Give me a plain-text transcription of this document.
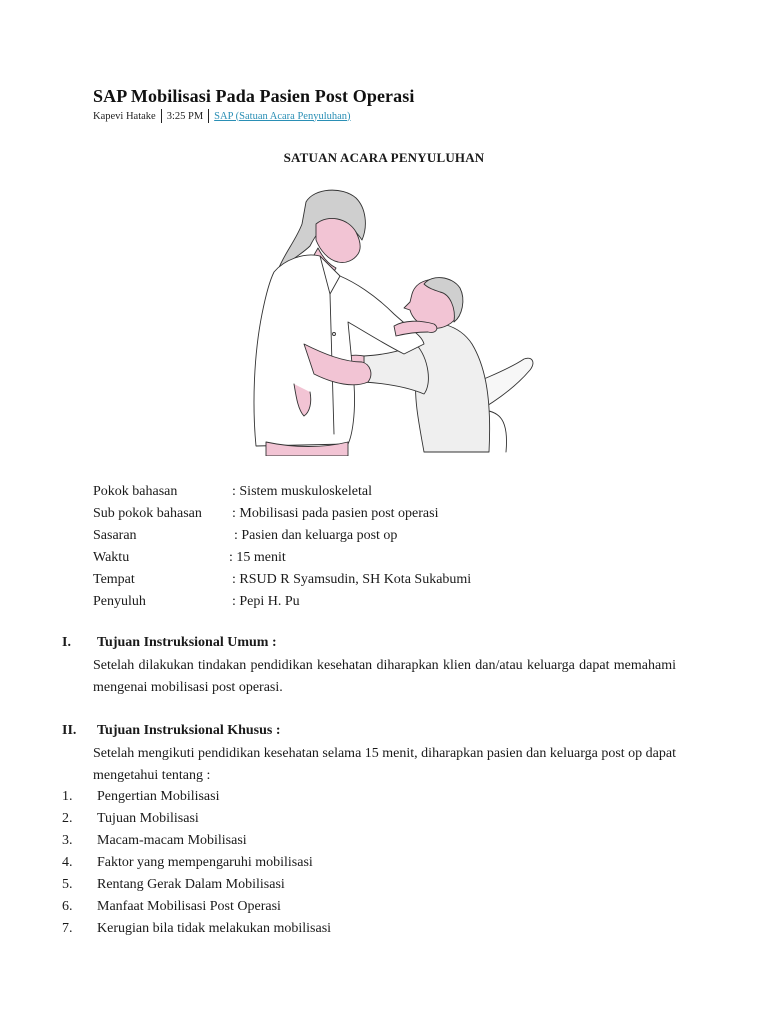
SAP Mobilisasi Pada Pasien Post Operasi
Kapevi Hatake 3:25 PM SAP (Satuan Acara Penyuluhan)
SATUAN ACARA PENYULUHAN
Pokok bahasan	: Sistem muskuloskeletal
Sub pokok bahasan : Mobilisasi pada pasien post operasi
Sasaran	: Pasien dan keluarga post op
Waktu	: 15 menit
Tempat	: RSUD R Syamsudin, SH Kota Sukabumi
Penyuluh	: Pepi H. Pu
I. Tujuan Instruksional Umum :
Setelah dilakukan tindakan pendidikan kesehatan diharapkan klien dan/atau keluarga dapat memahami mengenai mobilisasi post operasi.
II. Tujuan Instruksional Khusus :
Setelah mengikuti pendidikan kesehatan selama 15 menit, diharapkan pasien dan keluarga post op dapat mengetahui tentang :
1. Pengertian Mobilisasi
2. Tujuan Mobilisasi
3. Macam-macam Mobilisasi
4. Faktor yang mempengaruhi mobilisasi
5. Rentang Gerak Dalam Mobilisasi
6. Manfaat Mobilisasi Post Operasi
7. Kerugian bila tidak melakukan mobilisasi
